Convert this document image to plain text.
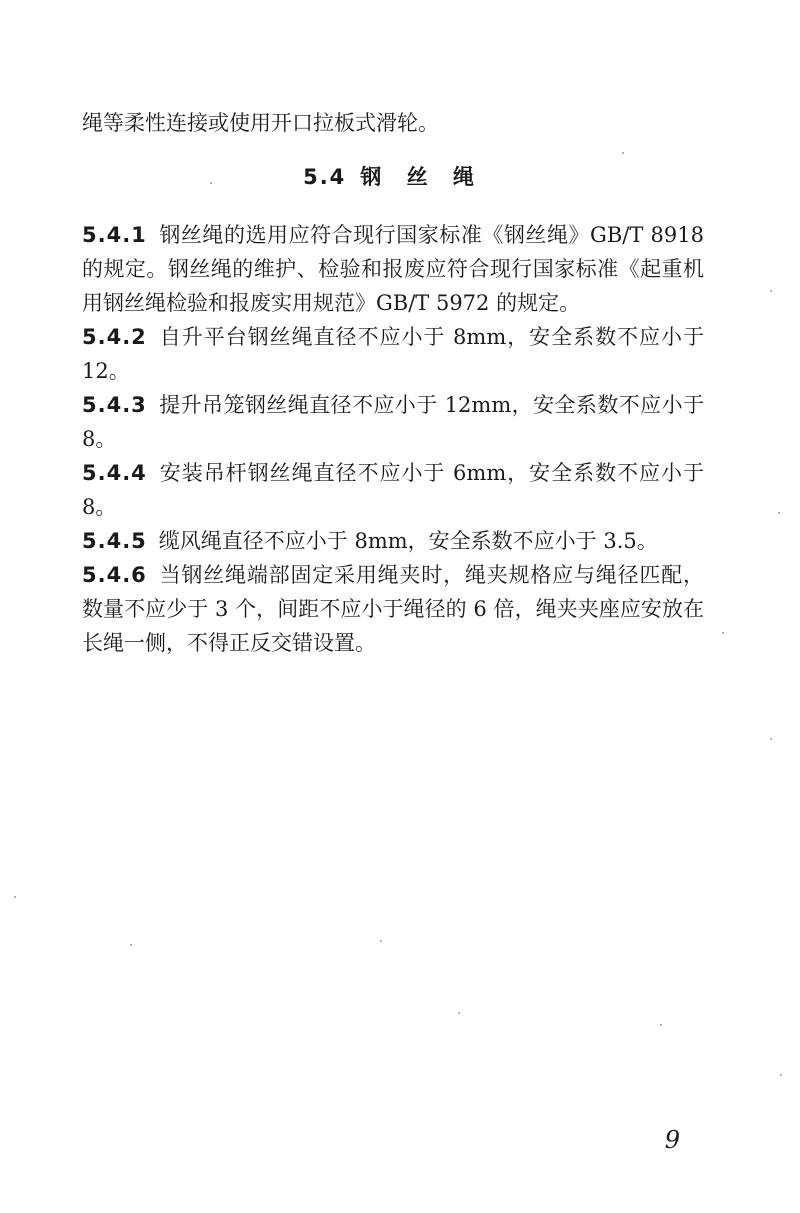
绳等柔性连接或使用开口拉板式滑轮。

5.4 钢 丝 绳

5.4.1 钢丝绳的选用应符合现行国家标准《钢丝绳》GB/T 8918的规定。钢丝绳的维护、检验和报废应符合现行国家标准《起重机用钢丝绳检验和报废实用规范》GB/T 5972 的规定。

5.4.2 自升平台钢丝绳直径不应小于 8mm，安全系数不应小于 12。

5.4.3 提升吊笼钢丝绳直径不应小于 12mm，安全系数不应小于 8。

5.4.4 安装吊杆钢丝绳直径不应小于 6mm，安全系数不应小于 8。

5.4.5 缆风绳直径不应小于 8mm，安全系数不应小于 3.5。

5.4.6 当钢丝绳端部固定采用绳夹时，绳夹规格应与绳径匹配，数量不应少于 3 个，间距不应小于绳径的 6 倍，绳夹夹座应安放在长绳一侧，不得正反交错设置。

9
